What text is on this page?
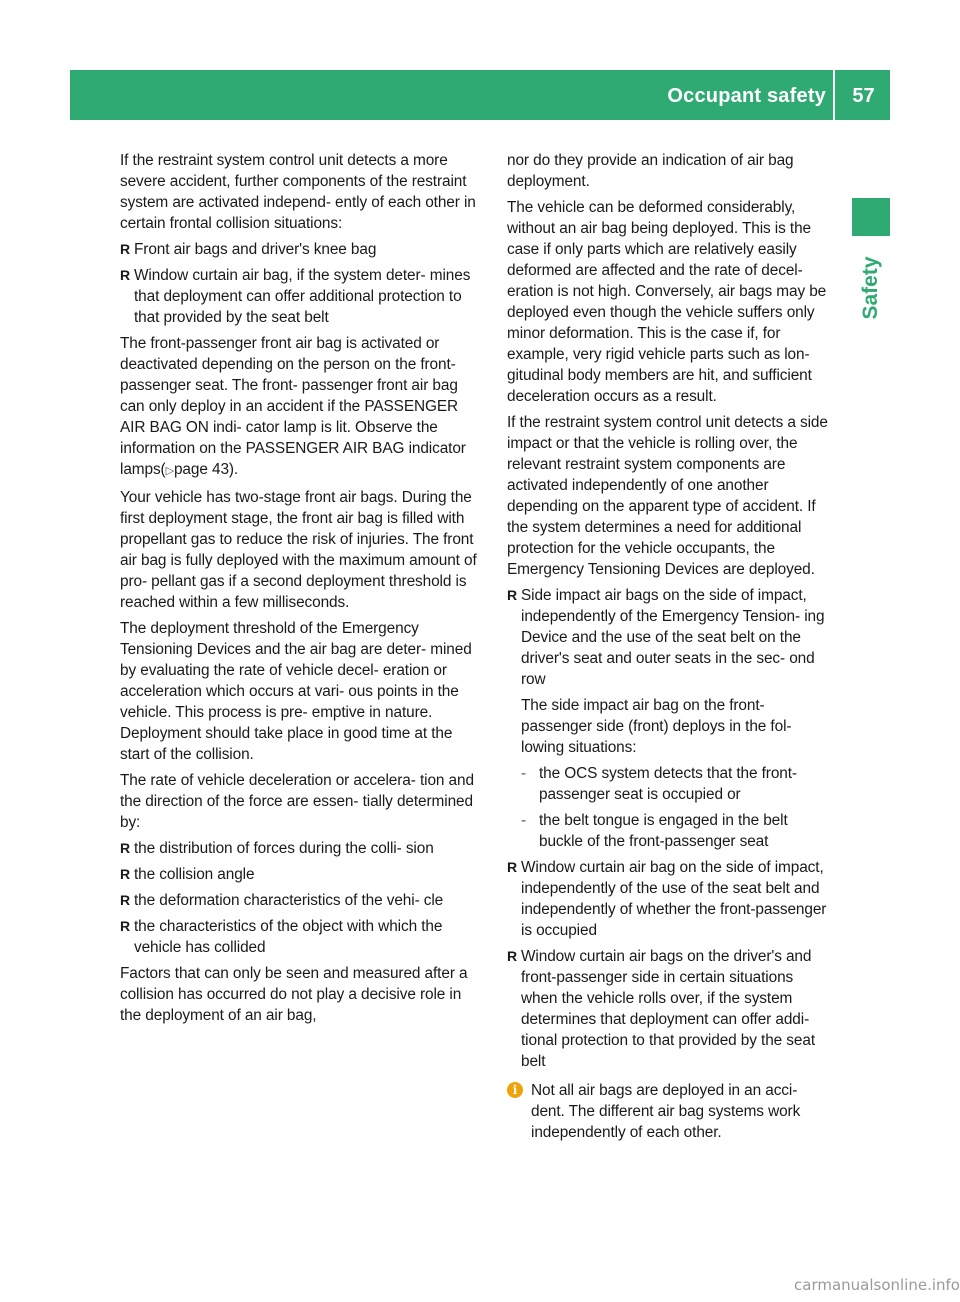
Occupant safety	57
Safety

If the restraint system control unit detects a more severe accident, further components of the restraint system are activated independ- ently of each other in certain frontal collision situations:

R Front air bags and driver's knee bag
R Window curtain air bag, if the system deter- mines that deployment can offer additional protection to that provided by the seat belt

The front-passenger front air bag is activated or deactivated depending on the person on the front-passenger seat. The front- passenger front air bag can only deploy in an accident if the PASSENGER AIR BAG ON indi- cator lamp is lit. Observe the information on the PASSENGER AIR BAG indicator lamps(▷page 43).

Your vehicle has two-stage front air bags. During the first deployment stage, the front air bag is filled with propellant gas to reduce the risk of injuries. The front air bag is fully deployed with the maximum amount of pro- pellant gas if a second deployment threshold is reached within a few milliseconds.

The deployment threshold of the Emergency Tensioning Devices and the air bag are deter- mined by evaluating the rate of vehicle decel- eration or acceleration which occurs at vari- ous points in the vehicle. This process is pre- emptive in nature. Deployment should take place in good time at the start of the collision.

The rate of vehicle deceleration or accelera- tion and the direction of the force are essen- tially determined by:

R the distribution of forces during the colli- sion
R the collision angle
R the deformation characteristics of the vehi- cle
R the characteristics of the object with which the vehicle has collided

Factors that can only be seen and measured after a collision has occurred do not play a decisive role in the deployment of an air bag,

nor do they provide an indication of air bag deployment.

The vehicle can be deformed considerably, without an air bag being deployed. This is the case if only parts which are relatively easily deformed are affected and the rate of decel- eration is not high. Conversely, air bags may be deployed even though the vehicle suffers only minor deformation. This is the case if, for example, very rigid vehicle parts such as lon- gitudinal body members are hit, and sufficient deceleration occurs as a result.

If the restraint system control unit detects a side impact or that the vehicle is rolling over, the relevant restraint system components are activated independently of one another depending on the apparent type of accident. If the system determines a need for additional protection for the vehicle occupants, the Emergency Tensioning Devices are deployed.

R Side impact air bags on the side of impact, independently of the Emergency Tension- ing Device and the use of the seat belt on the driver's seat and outer seats in the sec- ond row
The side impact air bag on the front- passenger side (front) deploys in the fol- lowing situations:
- the OCS system detects that the front- passenger seat is occupied or
- the belt tongue is engaged in the belt buckle of the front-passenger seat
R Window curtain air bag on the side of impact, independently of the use of the seat belt and independently of whether the front-passenger is occupied
R Window curtain air bags on the driver's and front-passenger side in certain situations when the vehicle rolls over, if the system determines that deployment can offer addi- tional protection to that provided by the seat belt
i Not all air bags are deployed in an acci- dent. The different air bag systems work independently of each other.
carmanualsonline.info
